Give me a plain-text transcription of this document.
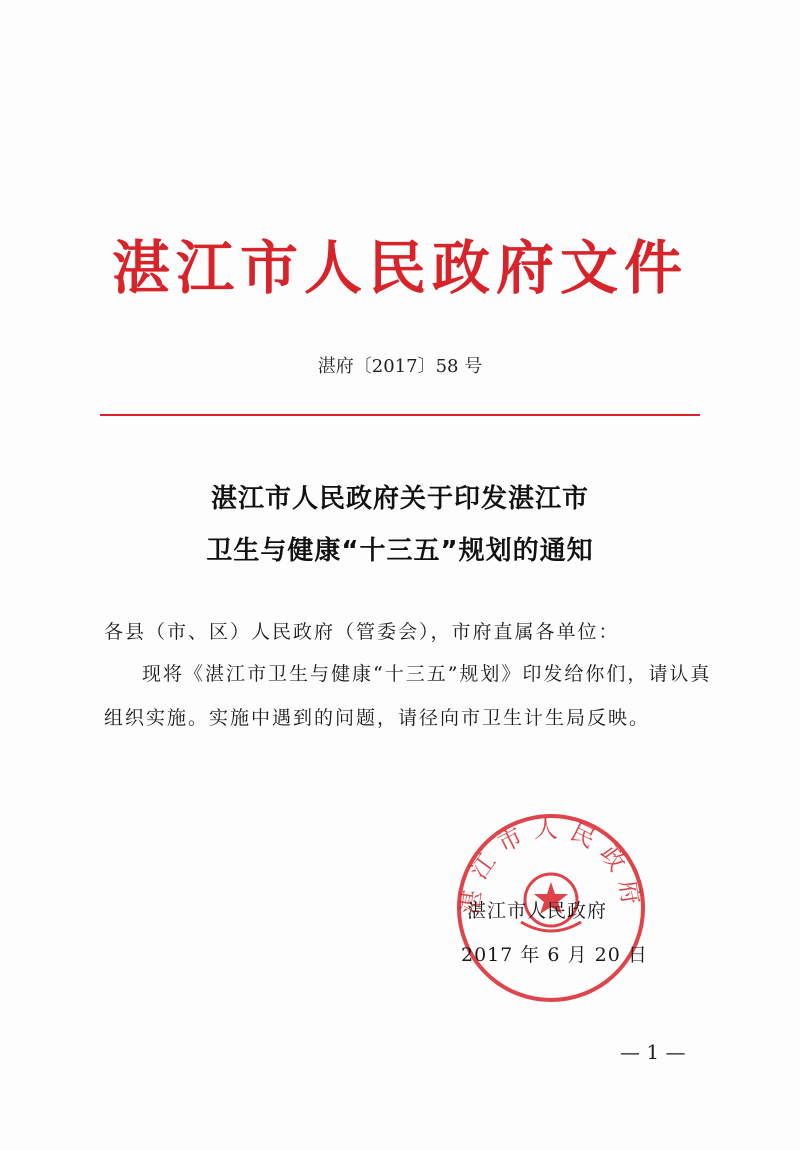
湛江市人民政府文件
湛府〔2017〕58 号
湛江市人民政府关于印发湛江市
卫生与健康“十三五”规划的通知
各县（市、区）人民政府（管委会），市府直属各单位：
现将《湛江市卫生与健康“十三五”规划》印发给你们，请认真
组织实施。实施中遇到的问题，请径向市卫生计生局反映。
湛江市人民政府
湛江市人民政府
2017 年 6 月 20 日
— 1 —
